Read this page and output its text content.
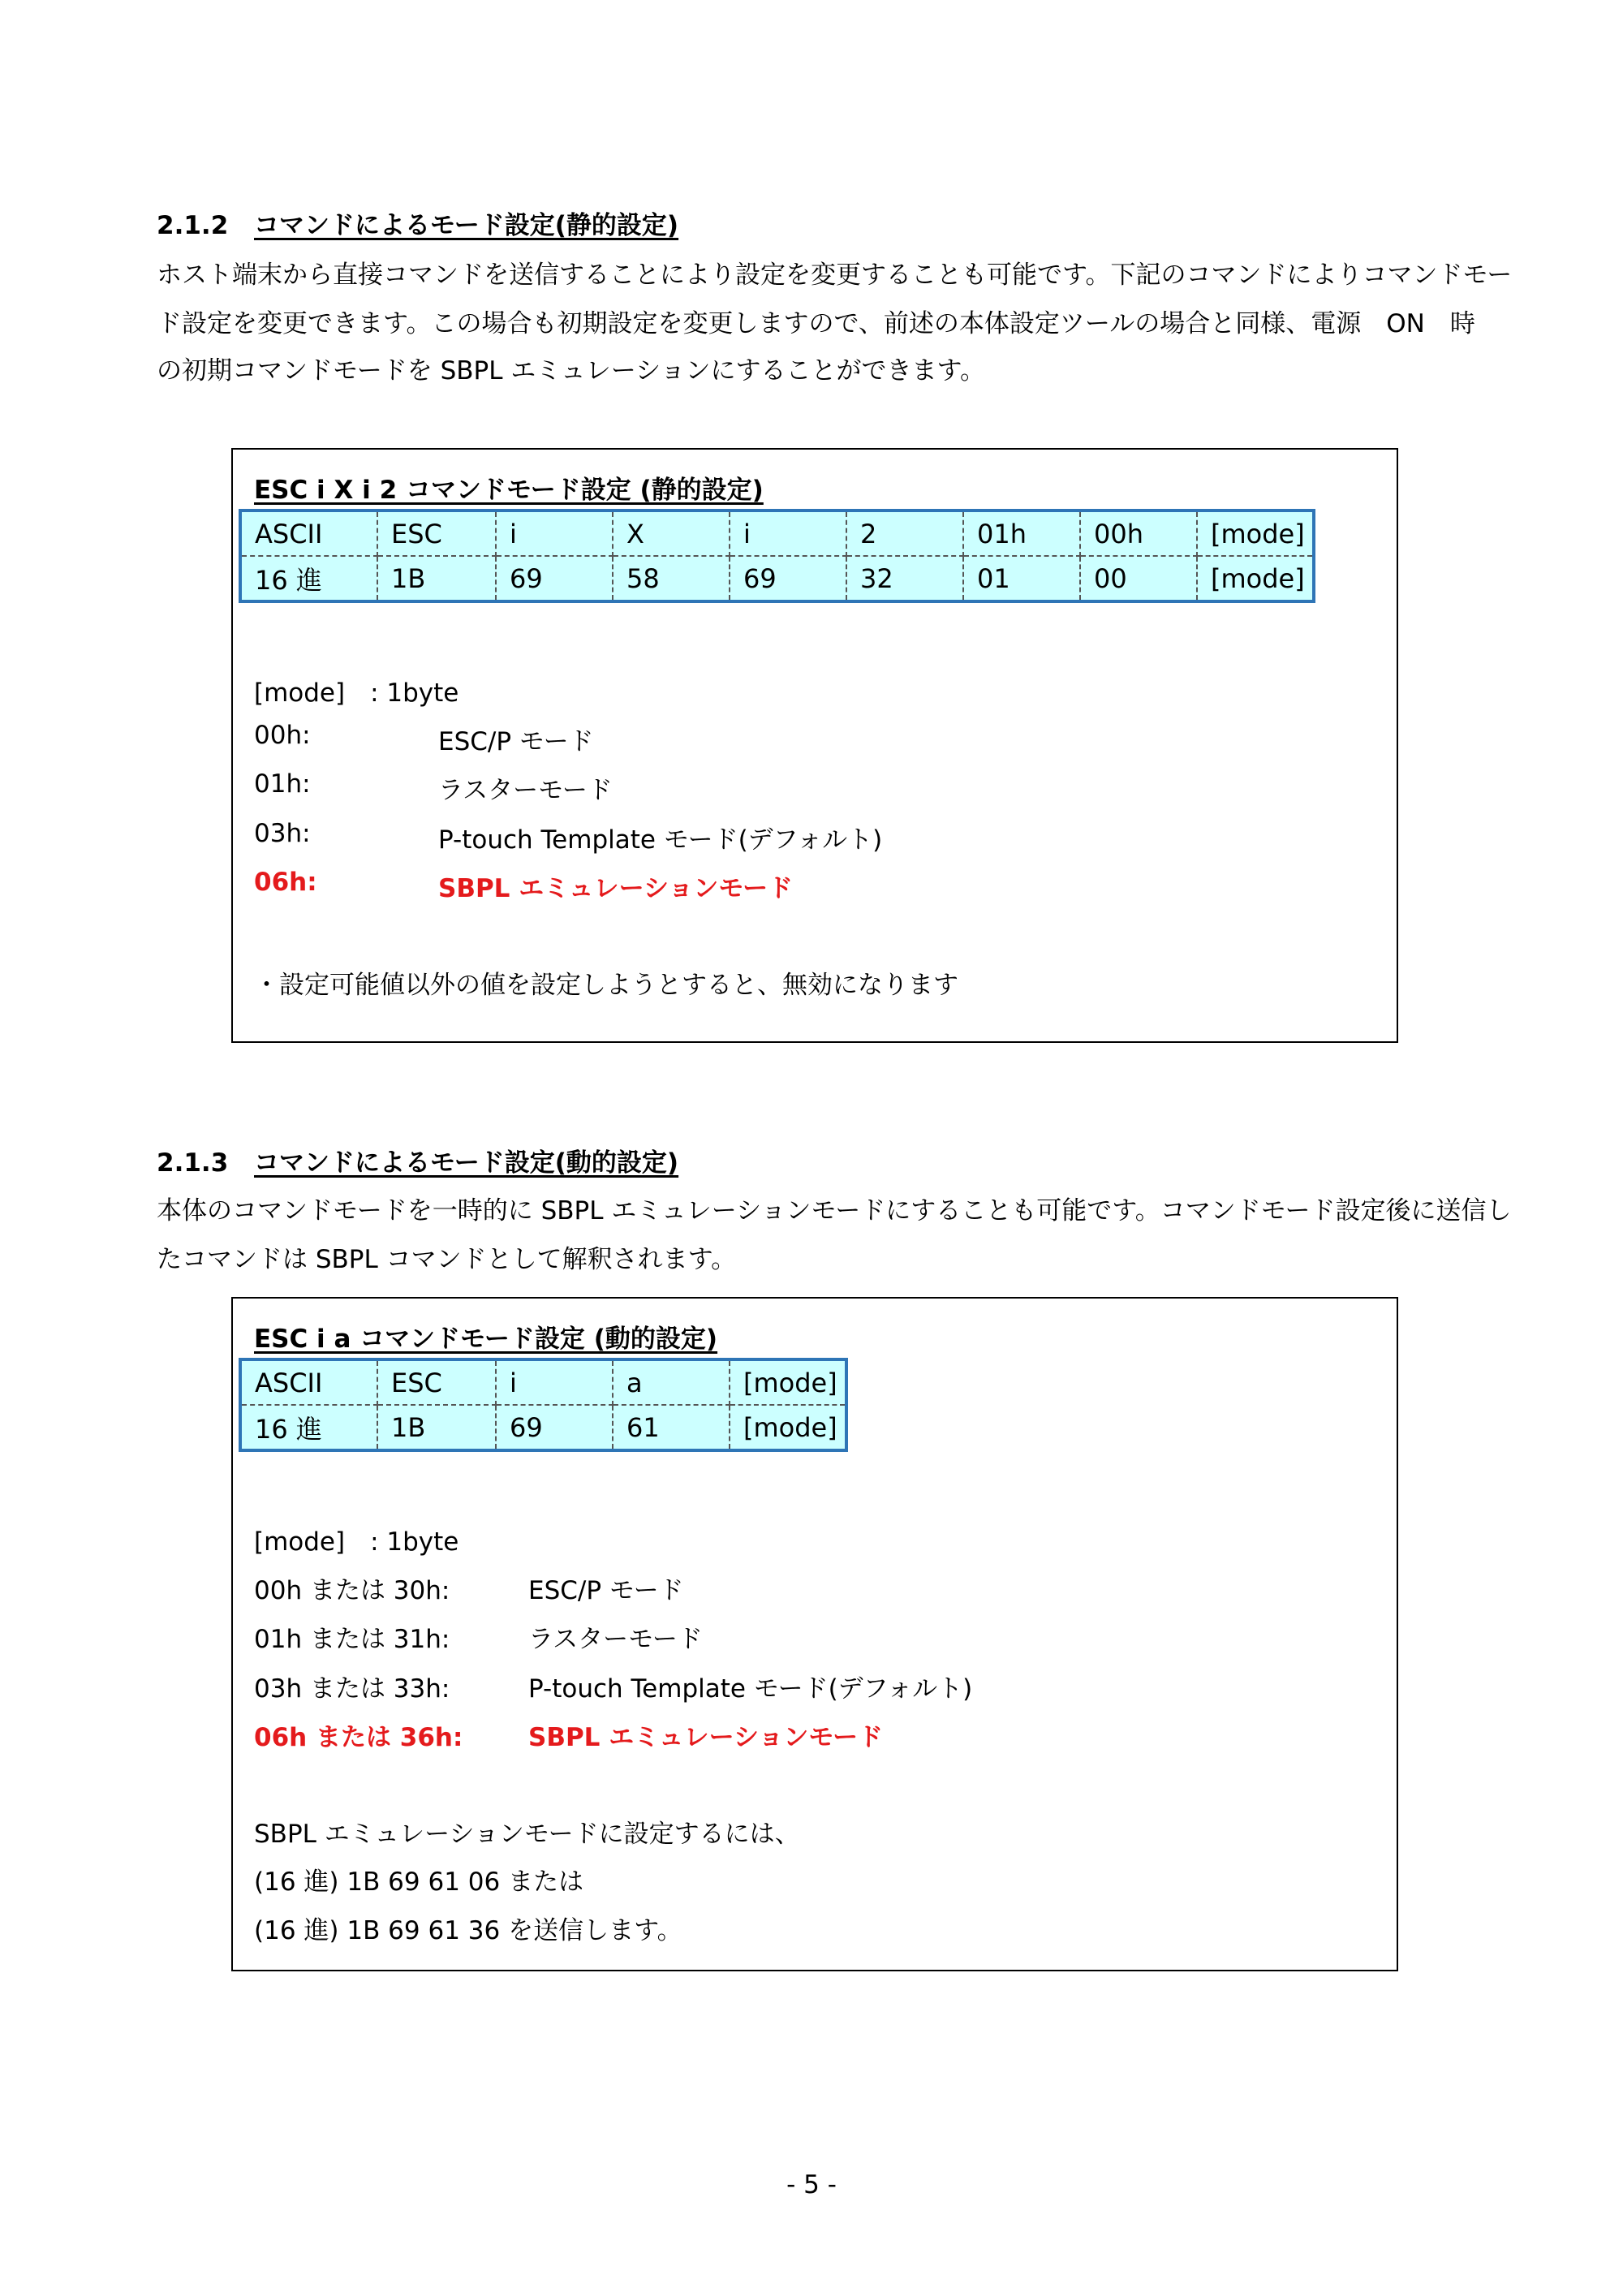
2.1.2 コマンドによるモード設定(静的設定)
ホスト端末から直接コマンドを送信することにより設定を変更することも可能です。下記のコマンドによりコマンドモー
ド設定を変更できます。この場合も初期設定を変更しますので、前述の本体設定ツールの場合と同様、電源　ON　時
の初期コマンドモードを SBPL エミュレーションにすることができます。
ESC i X i 2 コマンドモード設定 (静的設定)
ASCII	ESC	i	X	i	2	01h	00h	[mode]
16 進	1B	69	58	69	32	01	00	[mode]
[mode]　: 1byte
00h:	ESC/P モード
01h:	ラスターモード
03h:	P-touch Template モード(デフォルト)
06h:	SBPL エミュレーションモード
・設定可能値以外の値を設定しようとすると、無効になります
2.1.3 コマンドによるモード設定(動的設定)
本体のコマンドモードを一時的に SBPL エミュレーションモードにすることも可能です。コマンドモード設定後に送信し
たコマンドは SBPL コマンドとして解釈されます。
ESC i a コマンドモード設定 (動的設定)
ASCII	ESC	i	a	[mode]
16 進	1B	69	61	[mode]
[mode]　: 1byte
00h または 30h:	ESC/P モード
01h または 31h:	ラスターモード
03h または 33h:	P-touch Template モード(デフォルト)
06h または 36h:	SBPL エミュレーションモード
SBPL エミュレーションモードに設定するには、
(16 進) 1B 69 61 06 または
(16 進) 1B 69 61 36 を送信します。
- 5 -
